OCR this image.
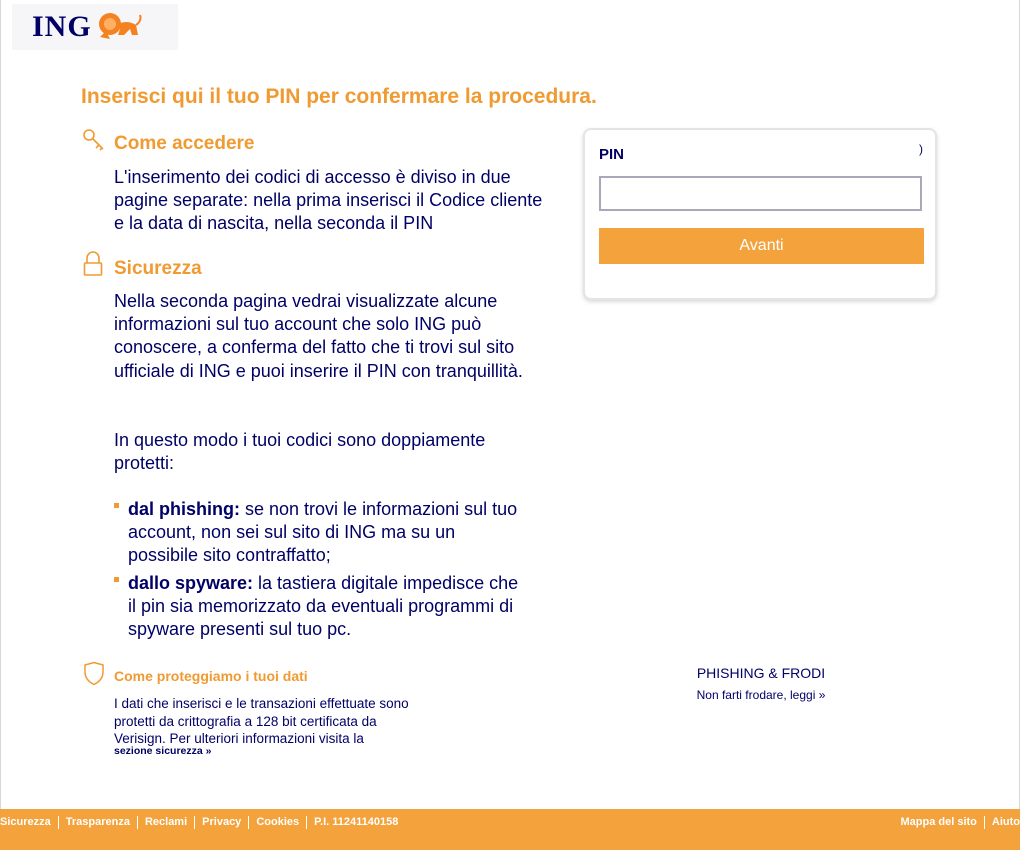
ING
Inserisci qui il tuo PIN per confermare la procedura.
Come accedere
L'inserimento dei codici di accesso è diviso in due pagine separate: nella prima inserisci il Codice cliente e la data di nascita, nella seconda il PIN
Sicurezza
Nella seconda pagina vedrai visualizzate alcune informazioni sul tuo account che solo ING può conoscere, a conferma del fatto che ti trovi sul sito ufficiale di ING e puoi inserire il PIN con tranquillità.
In questo modo i tuoi codici sono doppiamente protetti:
dal phishing: se non trovi le informazioni sul tuo account, non sei sul sito di ING ma su un possibile sito contraffatto;
dallo spyware: la tastiera digitale impedisce che il pin sia memorizzato da eventuali programmi di spyware presenti sul tuo pc.
Come proteggiamo i tuoi dati
I dati che inserisci e le transazioni effettuate sono protetti da crittografia a 128 bit certificata da Verisign. Per ulteriori informazioni visita la
sezione sicurezza »
PIN	)
Avanti
PHISHING & FRODI
Non farti frodare, leggi »
Sicurezza Trasparenza Reclami Privacy Cookies P.I. 11241140158	Mappa del sito Aiuto
